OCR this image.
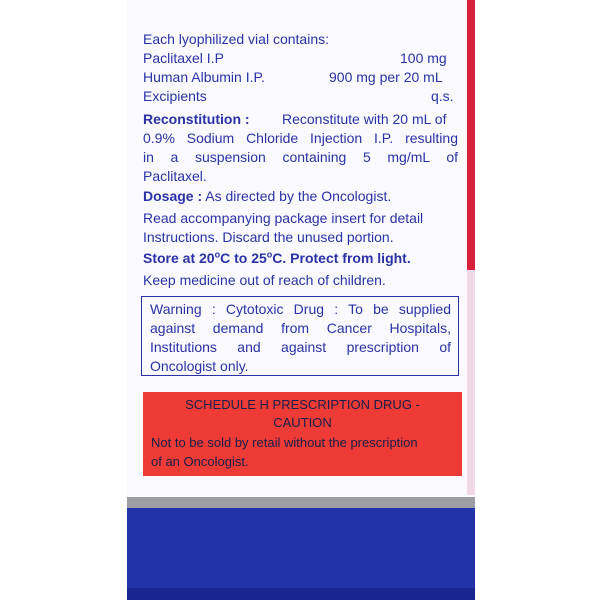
Each lyophilized vial contains:

Paclitaxel I.P	100 mg

Human Albumin I.P.	900 mg per 20 mL

Excipients	q.s.

Reconstitution : Reconstitute with 20 mL of

0.9% Sodium Chloride Injection I.P. resulting

in a suspension containing 5 mg/mL of

Paclitaxel.

Dosage : As directed by the Oncologist.

Read accompanying package insert for detail

Instructions. Discard the unused portion.

Store at 20$^o$C to 25$^o$C. Protect from light.

Keep medicine out of reach of children.

Warning : Cytotoxic Drug : To be supplied

against demand from Cancer Hospitals,

Institutions and against prescription of

Oncologist only.

SCHEDULE H PRESCRIPTION DRUG -

CAUTION

Not to be sold by retail without the prescription

of an Oncologist.
